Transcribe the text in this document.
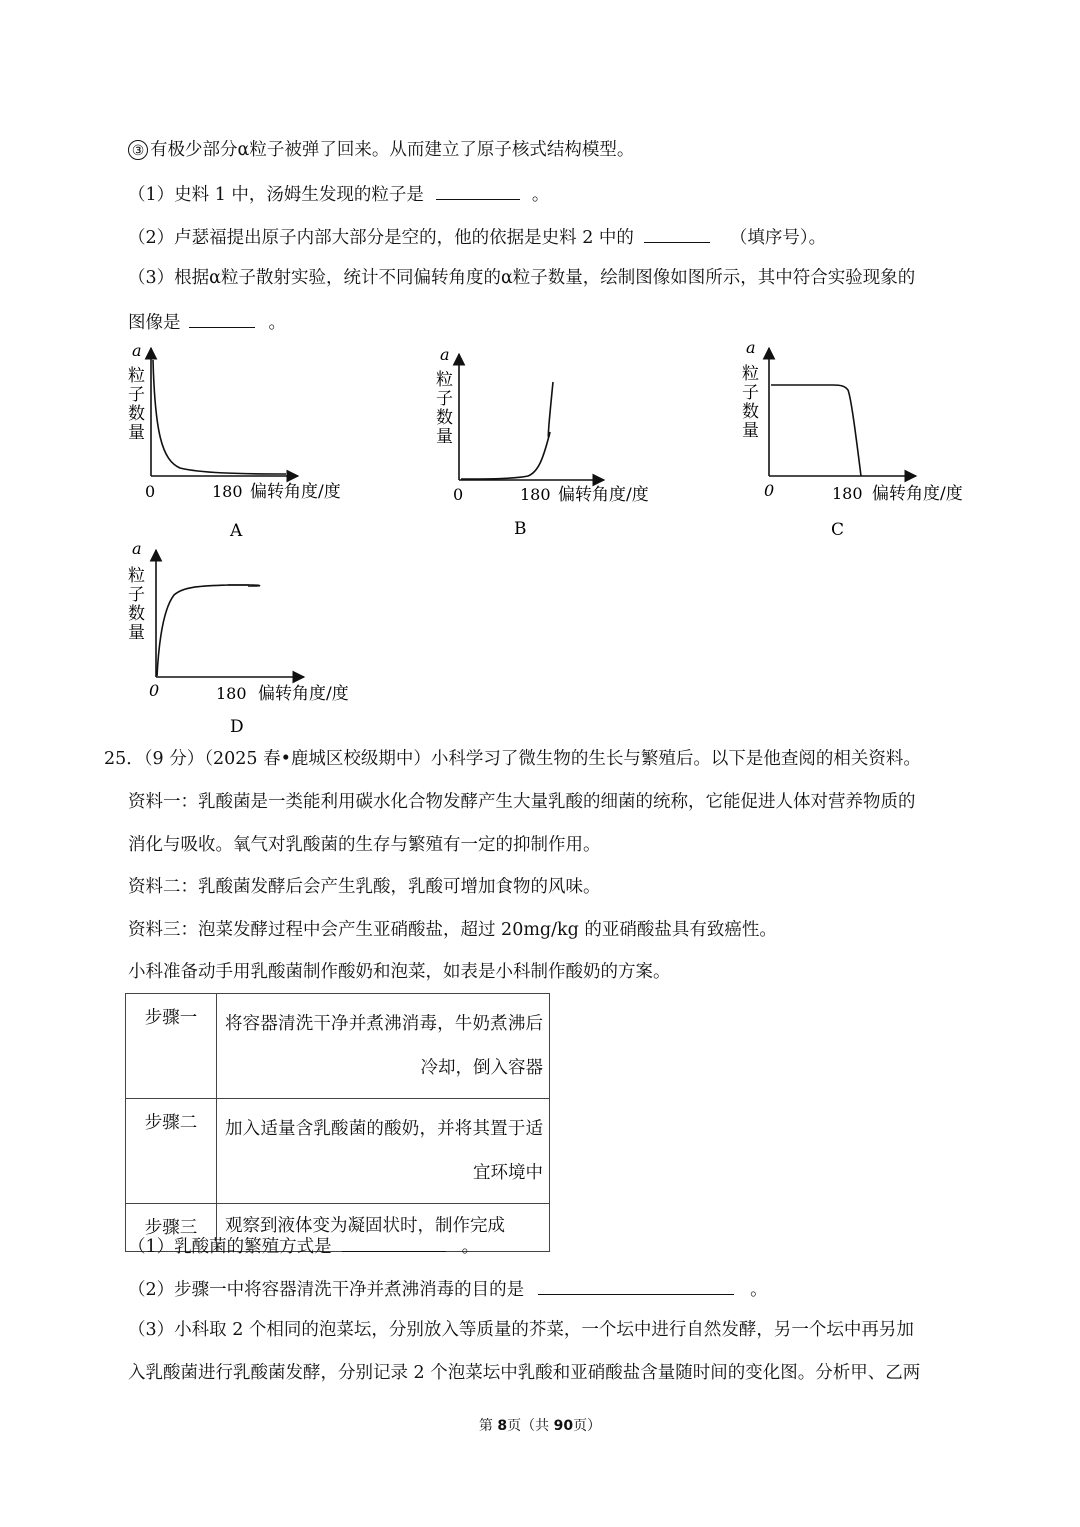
③ 有极少部分α粒子被弹了回来。从而建立了原子核式结构模型。
（1）史料 1 中，汤姆生发现的粒子是	。
（2）卢瑟福提出原子内部大部分是空的，他的依据是史料 2 中的	（填序号）。
（3）根据α粒子散射实验，统计不同偏转角度的α粒子数量，绘制图像如图所示，其中符合实验现象的
图像是	。
a
粒
子
数
量
0	180 偏转角度/度
A
a
粒
子
数
量
0	180 偏转角度/度
B
a
粒
子
数
量
0	180 偏转角度/度
C
a
粒
子
数
量
0	180 偏转角度/度
D
25．（9 分）（2025 春•鹿城区校级期中）小科学习了微生物的生长与繁殖后。以下是他查阅的相关资料。
资料一：乳酸菌是一类能利用碳水化合物发酵产生大量乳酸的细菌的统称，它能促进人体对营养物质的
消化与吸收。氧气对乳酸菌的生存与繁殖有一定的抑制作用。
资料二：乳酸菌发酵后会产生乳酸，乳酸可增加食物的风味。
资料三：泡菜发酵过程中会产生亚硝酸盐，超过 20mg/kg 的亚硝酸盐具有致癌性。
小科准备动手用乳酸菌制作酸奶和泡菜，如表是小科制作酸奶的方案。
步骤一	将容器清洗干净并煮沸消毒，牛奶煮沸后冷却，倒入容器
步骤二	加入适量含乳酸菌的酸奶，并将其置于适宜环境中
步骤三	观察到液体变为凝固状时，制作完成
（1）乳酸菌的繁殖方式是	。
（2）步骤一中将容器清洗干净并煮沸消毒的目的是	。
（3）小科取 2 个相同的泡菜坛，分别放入等质量的芥菜，一个坛中进行自然发酵，另一个坛中再另加
入乳酸菌进行乳酸菌发酵，分别记录 2 个泡菜坛中乳酸和亚硝酸盐含量随时间的变化图。分析甲、乙两
第 8页（共 90页）
